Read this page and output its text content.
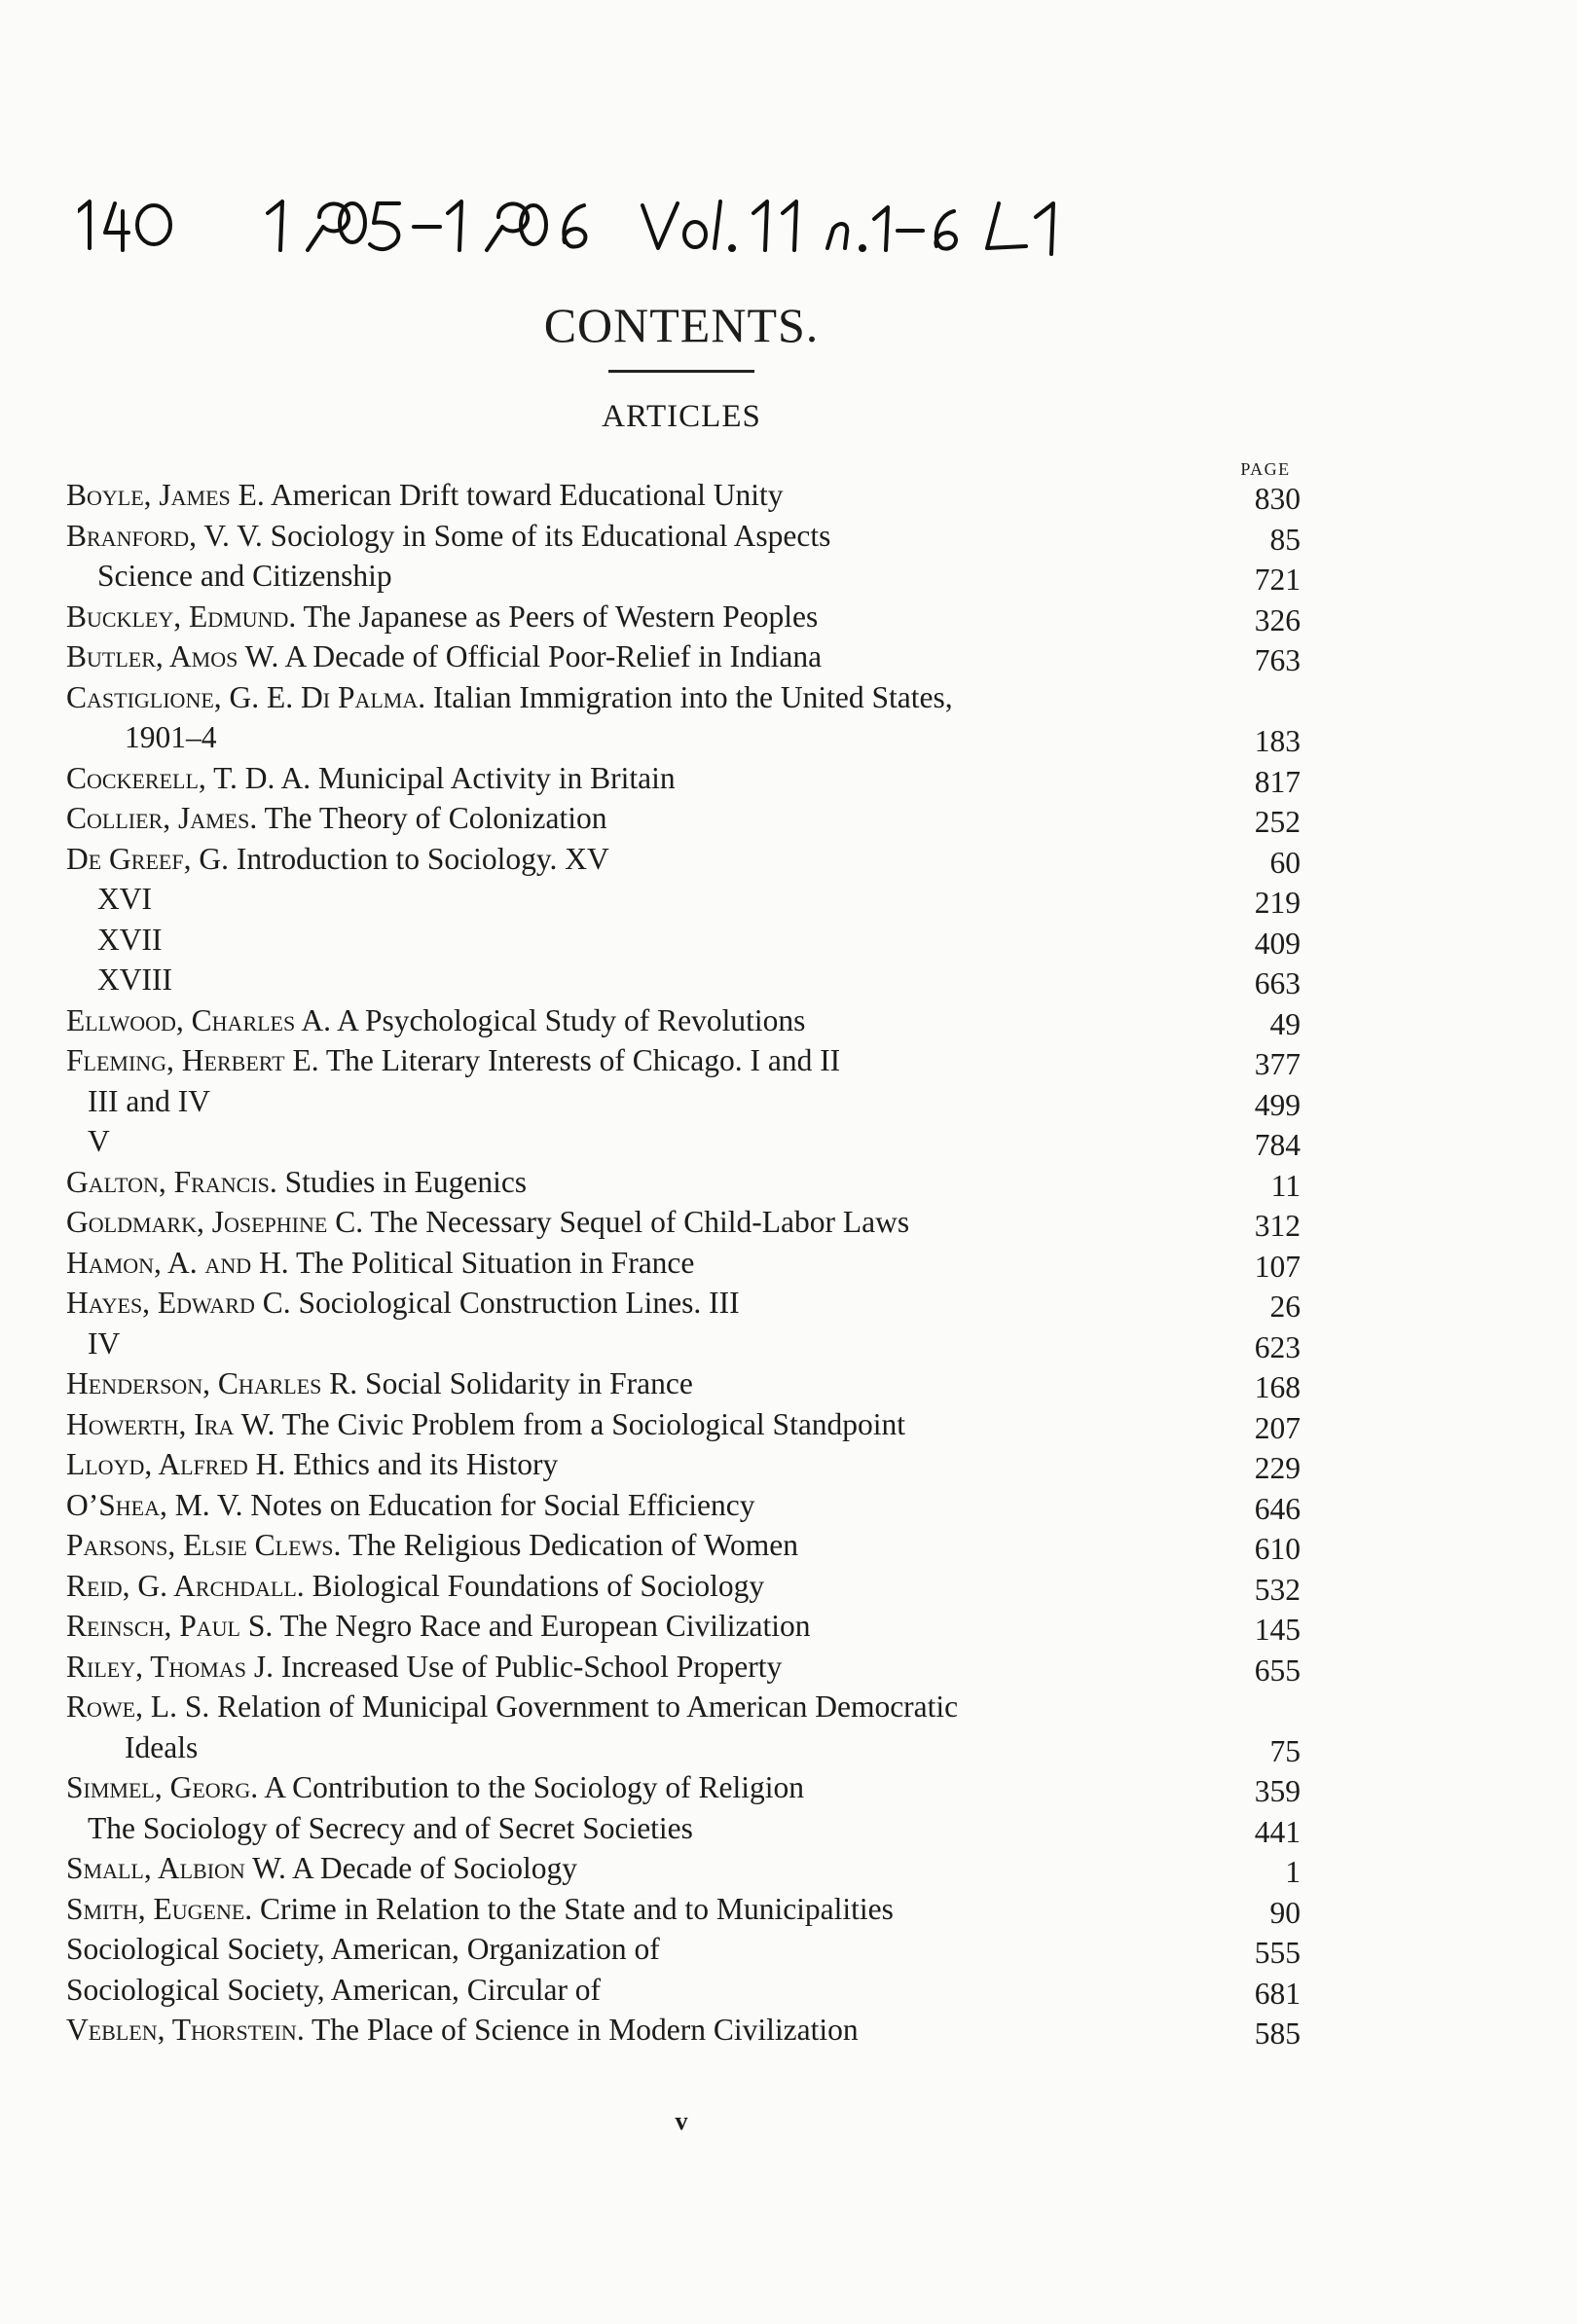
140 1905-1906 Vol. 11 n.1-6 L1
CONTENTS.
ARTICLES
PAGE
Boyle, James E. American Drift toward Educational Unity	830
Branford, V. V. Sociology in Some of its Educational Aspects	85
Science and Citizenship	721
Buckley, Edmund. The Japanese as Peers of Western Peoples	326
Butler, Amos W. A Decade of Official Poor-Relief in Indiana	763
Castiglione, G. E. Di Palma. Italian Immigration into the United States,
1901–4	183
Cockerell, T. D. A. Municipal Activity in Britain	817
Collier, James. The Theory of Colonization	252
De Greef, G. Introduction to Sociology. XV	60
XVI	219
XVII	409
XVIII	663
Ellwood, Charles A. A Psychological Study of Revolutions	49
Fleming, Herbert E. The Literary Interests of Chicago. I and II	377
III and IV	499
V	784
Galton, Francis. Studies in Eugenics	11
Goldmark, Josephine C. The Necessary Sequel of Child-Labor Laws	312
Hamon, A. and H. The Political Situation in France	107
Hayes, Edward C. Sociological Construction Lines. III	26
IV	623
Henderson, Charles R. Social Solidarity in France	168
Howerth, Ira W. The Civic Problem from a Sociological Standpoint	207
Lloyd, Alfred H. Ethics and its History	229
O’Shea, M. V. Notes on Education for Social Efficiency	646
Parsons, Elsie Clews. The Religious Dedication of Women	610
Reid, G. Archdall. Biological Foundations of Sociology	532
Reinsch, Paul S. The Negro Race and European Civilization	145
Riley, Thomas J. Increased Use of Public-School Property	655
Rowe, L. S. Relation of Municipal Government to American Democratic
Ideals	75
Simmel, Georg. A Contribution to the Sociology of Religion	359
The Sociology of Secrecy and of Secret Societies	441
Small, Albion W. A Decade of Sociology	1
Smith, Eugene. Crime in Relation to the State and to Municipalities	90
Sociological Society, American, Organization of	555
Sociological Society, American, Circular of	681
Veblen, Thorstein. The Place of Science in Modern Civilization	585
v
